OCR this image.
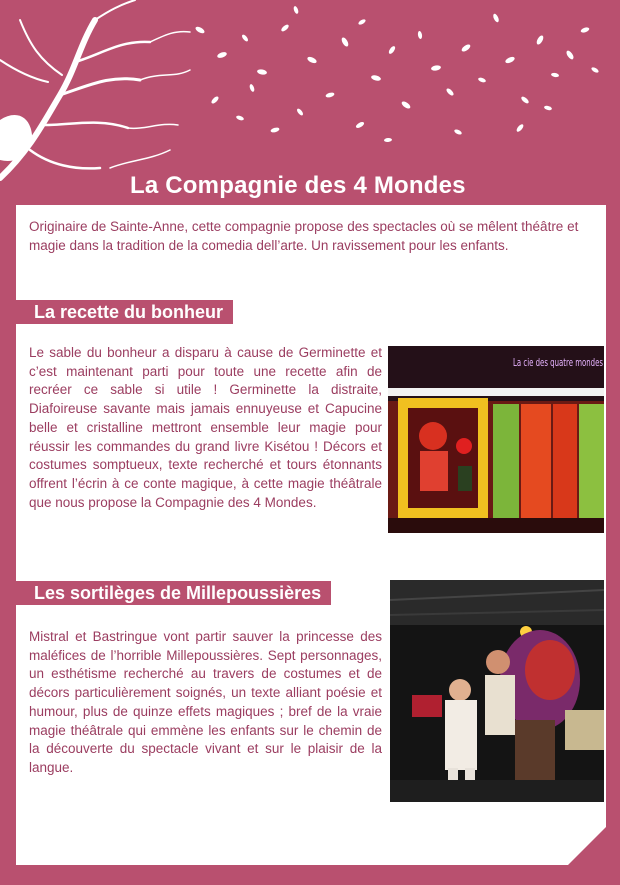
La Compagnie des 4 Mondes

Originaire de Sainte-Anne, cette compagnie propose des spectacles où se mêlent théâtre et magie dans la tradition de la comedia dell’arte. Un ravissement pour les enfants.

La recette du bonheur

Le sable du bonheur a disparu à cause de Germinette et c’est maintenant parti pour toute une recette afin de recréer ce sable si utile ! Germinette la distraite, Diafoireuse savante mais jamais ennuyeuse et Capucine belle et cristalline mettront ensemble leur magie pour réussir les commandes du grand livre Kisétou ! Décors et costumes somptueux, texte recherché et tours étonnants offrent l’écrin à ce conte magique, à cette magie théâtrale que nous propose la Compagnie des 4 Mondes.

La cie des quatre mondes
Les sortilèges de Millepoussières

Mistral et Bastringue vont partir sauver la princesse des maléfices de l’horrible Millepoussières. Sept personnages, un esthétisme recherché au travers de costumes et de décors particulièrement soignés, un texte alliant poésie et humour, plus de quinze effets magiques ; bref de la vraie magie théâtrale qui emmène les enfants sur le chemin de la découverte du spectacle vivant et sur le plaisir de la langue.
